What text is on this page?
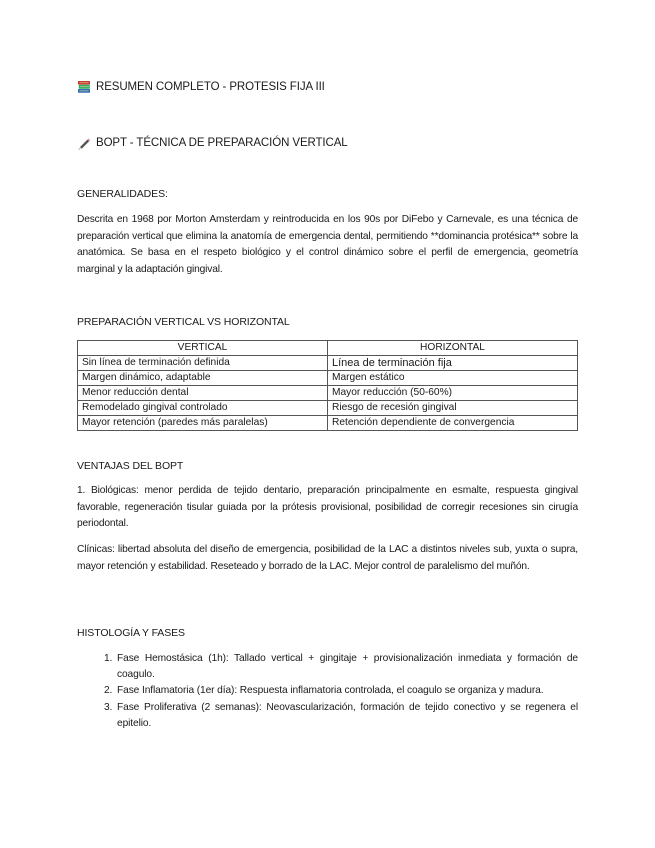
RESUMEN COMPLETO - PROTESIS FIJA III
BOPT - TÉCNICA DE PREPARACIÓN VERTICAL
GENERALIDADES:

Descrita en 1968 por Morton Amsterdam y reintroducida en los 90s por DiFebo y Carnevale, es una técnica de preparación vertical que elimina la anatomía de emergencia dental, permitiendo **dominancia protésica** sobre la anatómica. Se basa en el respeto biológico y el control dinámico sobre el perfil de emergencia, geometría marginal y la adaptación gingival.

PREPARACIÓN VERTICAL VS HORIZONTAL
VERTICAL	HORIZONTAL
Sin línea de terminación definida	Línea de terminación fija
Margen dinámico, adaptable	Margen estático
Menor reducción dental	Mayor reducción (50-60%)
Remodelado gingival controlado	Riesgo de recesión gingival
Mayor retención (paredes más paralelas)	Retención dependiente de convergencia
VENTAJAS DEL BOPT

1. Biológicas: menor perdida de tejido dentario, preparación principalmente en esmalte, respuesta gingival favorable, regeneración tisular guiada por la prótesis provisional, posibilidad de corregir recesiones sin cirugía periodontal.

Clínicas: libertad absoluta del diseño de emergencia, posibilidad de la LAC a distintos niveles sub, yuxta o supra, mayor retención y estabilidad. Reseteado y borrado de la LAC. Mejor control de paralelismo del muñón.

HISTOLOGÍA Y FASES
1. Fase Hemostásica (1h): Tallado vertical + gingitaje + provisionalización inmediata y formación de coagulo.
2. Fase Inflamatoria (1er día): Respuesta inflamatoria controlada, el coagulo se organiza y madura.
3. Fase Proliferativa (2 semanas): Neovascularización, formación de tejido conectivo y se regenera el epitelio.
